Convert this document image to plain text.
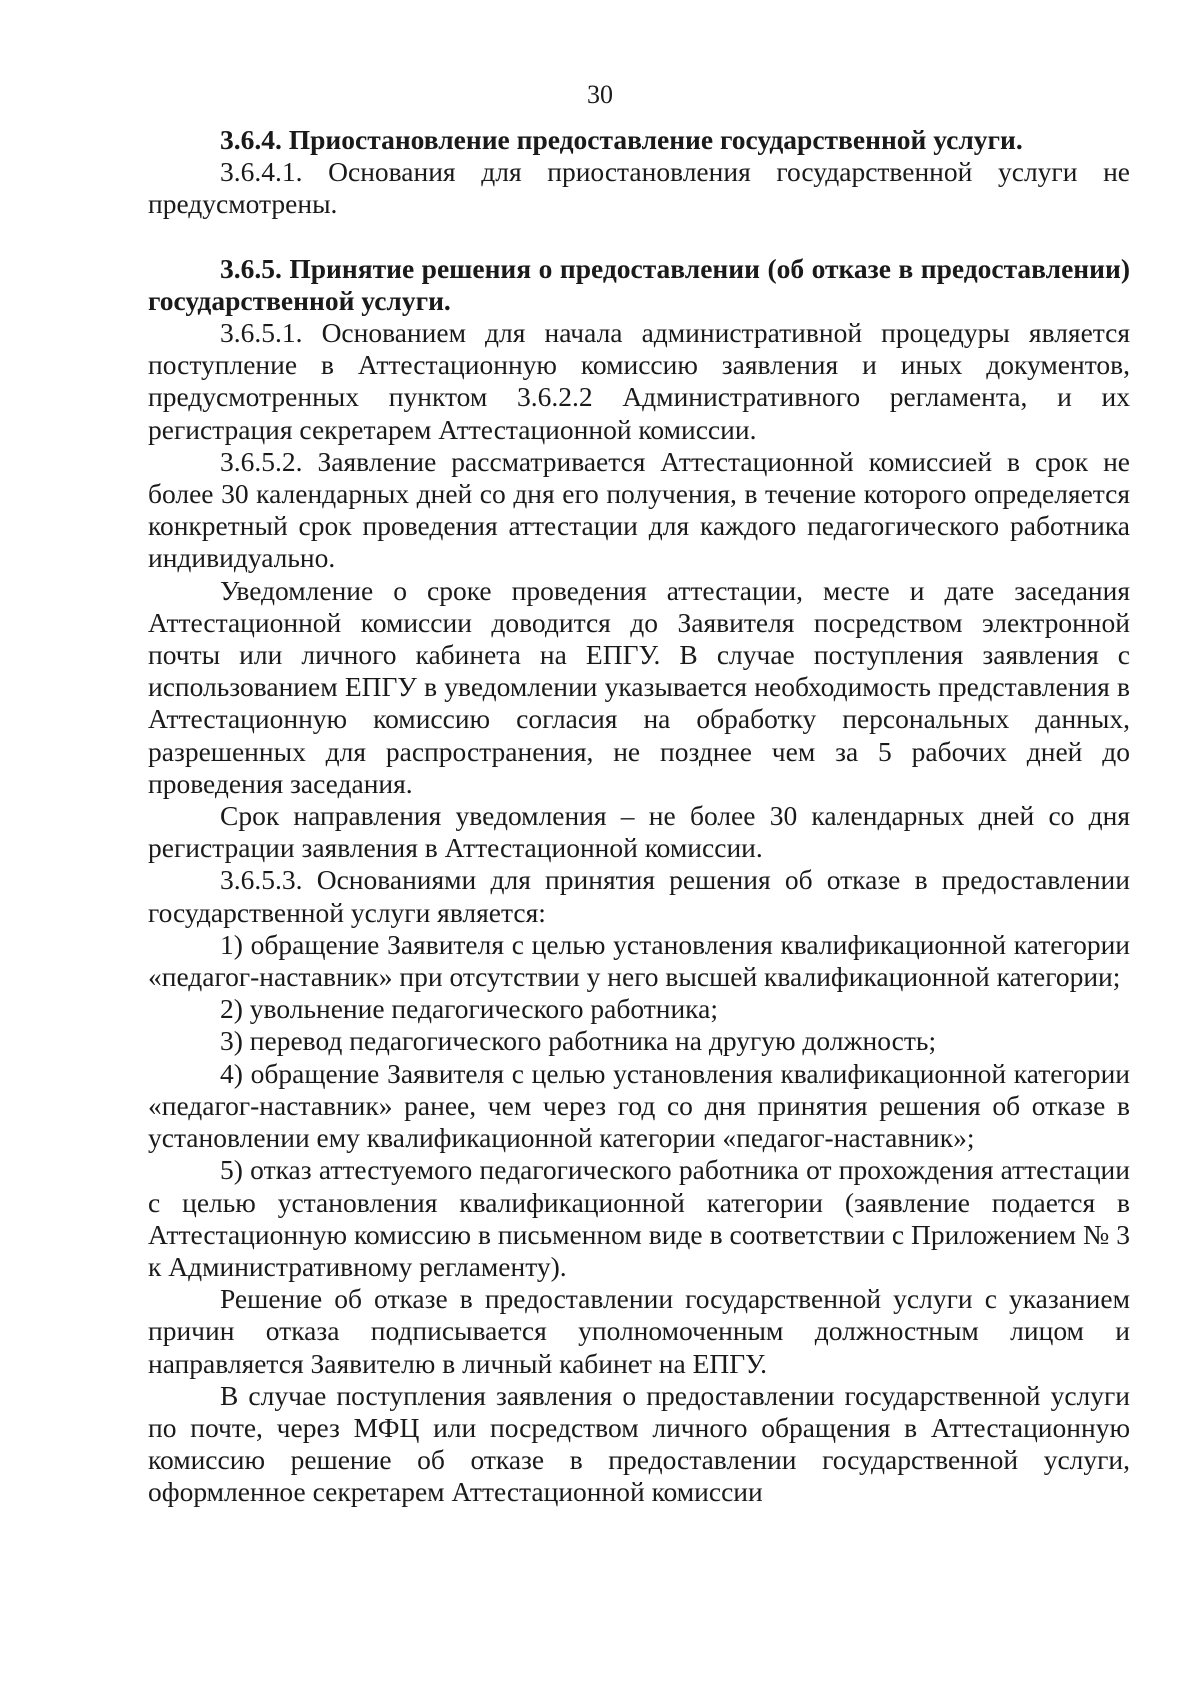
30

3.6.4. Приостановление предоставление государственной услуги.

3.6.4.1. Основания для приостановления государственной услуги не предусмотрены.

3.6.5. Принятие решения о предоставлении (об отказе в предоставлении) государственной услуги.

3.6.5.1. Основанием для начала административной процедуры является поступление в Аттестационную комиссию заявления и иных документов, предусмотренных пунктом 3.6.2.2 Административного регламента, и их регистрация секретарем Аттестационной комиссии.

3.6.5.2. Заявление рассматривается Аттестационной комиссией в срок не более 30 календарных дней со дня его получения, в течение которого определяется конкретный срок проведения аттестации для каждого педагогического работника индивидуально.

Уведомление о сроке проведения аттестации, месте и дате заседания Аттестационной комиссии доводится до Заявителя посредством электронной почты или личного кабинета на ЕПГУ. В случае поступления заявления с использованием ЕПГУ в уведомлении указывается необходимость представления в Аттестационную комиссию согласия на обработку персональных данных, разрешенных для распространения, не позднее чем за 5 рабочих дней до проведения заседания.

Срок направления уведомления – не более 30 календарных дней со дня регистрации заявления в Аттестационной комиссии.

3.6.5.3. Основаниями для принятия решения об отказе в предоставлении государственной услуги является:

1) обращение Заявителя с целью установления квалификационной категории «педагог-наставник» при отсутствии у него высшей квалификационной категории;

2) увольнение педагогического работника;

3) перевод педагогического работника на другую должность;

4) обращение Заявителя с целью установления квалификационной категории «педагог-наставник» ранее, чем через год со дня принятия решения об отказе в установлении ему квалификационной категории «педагог-наставник»;

5) отказ аттестуемого педагогического работника от прохождения аттестации с целью установления квалификационной категории (заявление подается в Аттестационную комиссию в письменном виде в соответствии с Приложением № 3 к Административному регламенту).

Решение об отказе в предоставлении государственной услуги с указанием причин отказа подписывается уполномоченным должностным лицом и направляется Заявителю в личный кабинет на ЕПГУ.

В случае поступления заявления о предоставлении государственной услуги по почте, через МФЦ или посредством личного обращения в Аттестационную комиссию решение об отказе в предоставлении государственной услуги, оформленное секретарем Аттестационной комиссии
